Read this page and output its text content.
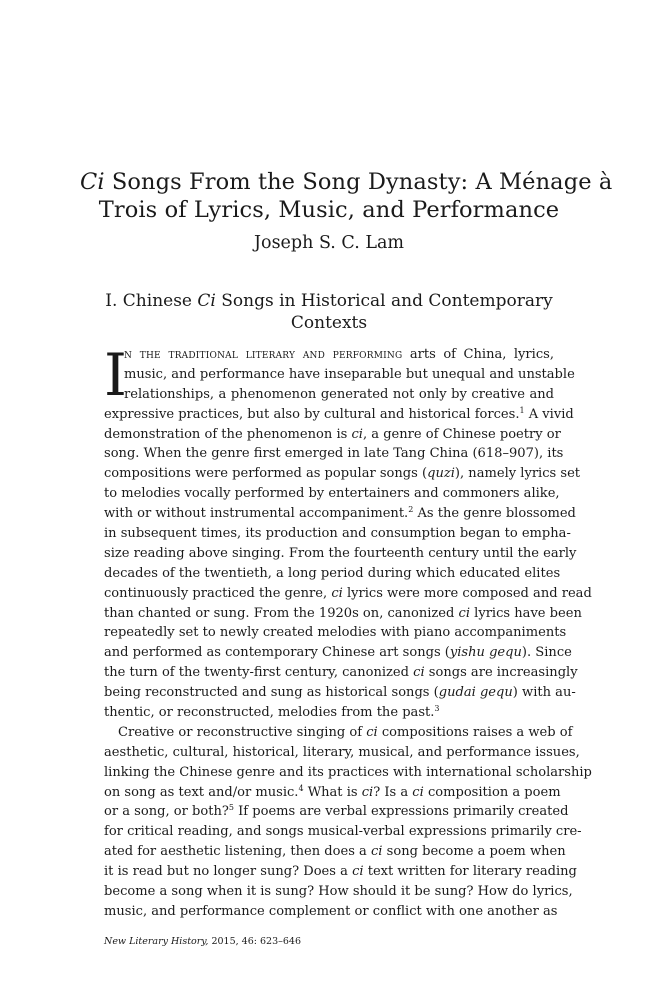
Ci Songs From the Song Dynasty: A Ménage à
Trois of Lyrics, Music, and Performance
Joseph S. C. Lam
I. Chinese Ci Songs in Historical and Contemporary
Contexts
I
n the traditional literary and performing arts of China, lyrics,
music, and performance have inseparable but unequal and unstable
relationships, a phenomenon generated not only by creative and
expressive practices, but also by cultural and historical forces.$^1$ A vivid
demonstration of the phenomenon is ci, a genre of Chinese poetry or
song. When the genre first emerged in late Tang China (618–907), its
compositions were performed as popular songs (quzi), namely lyrics set
to melodies vocally performed by entertainers and commoners alike,
with or without instrumental accompaniment.$^2$ As the genre blossomed
in subsequent times, its production and consumption began to empha-
size reading above singing. From the fourteenth century until the early
decades of the twentieth, a long period during which educated elites
continuously practiced the genre, ci lyrics were more composed and read
than chanted or sung. From the 1920s on, canonized ci lyrics have been
repeatedly set to newly created melodies with piano accompaniments
and performed as contemporary Chinese art songs (yishu gequ). Since
the turn of the twenty-first century, canonized ci songs are increasingly
being reconstructed and sung as historical songs (gudai gequ) with au-
thentic, or reconstructed, melodies from the past.$^3$
Creative or reconstructive singing of ci compositions raises a web of
aesthetic, cultural, historical, literary, musical, and performance issues,
linking the Chinese genre and its practices with international scholarship
on song as text and/or music.$^4$ What is ci? Is a ci composition a poem
or a song, or both?$^5$ If poems are verbal expressions primarily created
for critical reading, and songs musical-verbal expressions primarily cre-
ated for aesthetic listening, then does a ci song become a poem when
it is read but no longer sung? Does a ci text written for literary reading
become a song when it is sung? How should it be sung? How do lyrics,
music, and performance complement or conflict with one another as
New Literary History, 2015, 46: 623–646
